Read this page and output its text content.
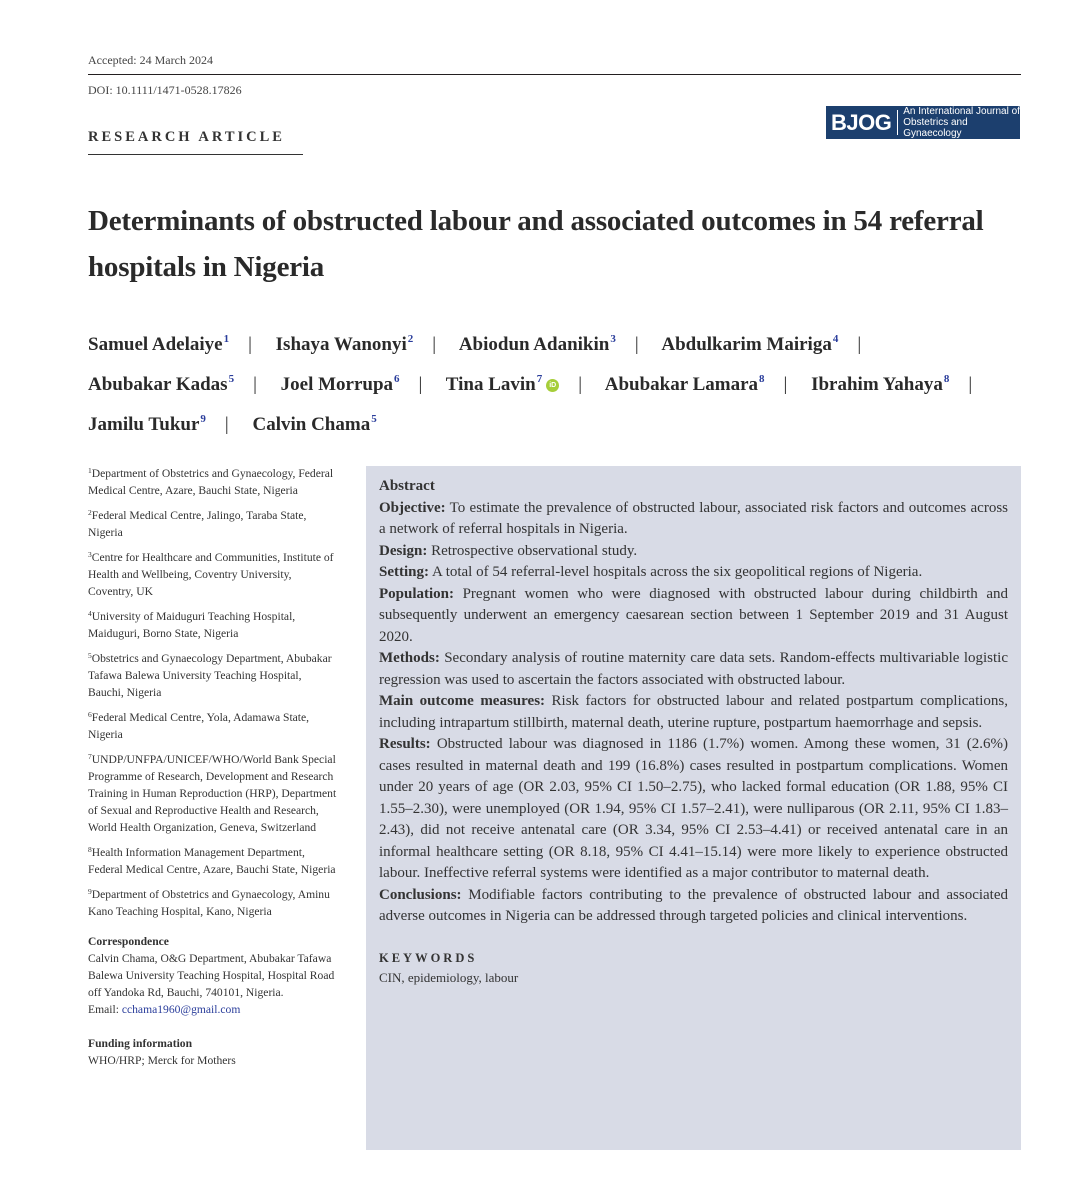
Accepted: 24 March 2024
DOI: 10.1111/1471-0528.17826
RESEARCH ARTICLE
BJOG	An International Journal of
Obstetrics and Gynaecology
Determinants of obstructed labour and associated outcomes in 54 referral hospitals in Nigeria
Samuel Adelaiye$^1$ | Ishaya Wanonyi$^2$ | Abiodun Adanikin$^3$ | Abdulkarim Mairiga$^4$ | Abubakar Kadas$^5$ | Joel Morrupa$^6$ | Tina Lavin$^7$iD | Abubakar Lamara$^8$ | Ibrahim Yahaya$^8$ | Jamilu Tukur$^9$ | Calvin Chama$^5$
$^1$Department of Obstetrics and Gynaecology, Federal Medical Centre, Azare, Bauchi State, Nigeria
$^2$Federal Medical Centre, Jalingo, Taraba State, Nigeria
$^3$Centre for Healthcare and Communities, Institute of Health and Wellbeing, Coventry University, Coventry, UK
$^4$University of Maiduguri Teaching Hospital, Maiduguri, Borno State, Nigeria
$^5$Obstetrics and Gynaecology Department, Abubakar Tafawa Balewa University Teaching Hospital, Bauchi, Nigeria
$^6$Federal Medical Centre, Yola, Adamawa State, Nigeria
$^7$UNDP/UNFPA/UNICEF/WHO/World Bank Special Programme of Research, Development and Research Training in Human Reproduction (HRP), Department of Sexual and Reproductive Health and Research, World Health Organization, Geneva, Switzerland
$^8$Health Information Management Department, Federal Medical Centre, Azare, Bauchi State, Nigeria
$^9$Department of Obstetrics and Gynaecology, Aminu Kano Teaching Hospital, Kano, Nigeria
Correspondence
Calvin Chama, O&G Department, Abubakar Tafawa Balewa University Teaching Hospital, Hospital Road off Yandoka Rd, Bauchi, 740101, Nigeria.
Email: cchama1960@gmail.com
Funding information
WHO/HRP; Merck for Mothers
Abstract
Objective: To estimate the prevalence of obstructed labour, associated risk factors and outcomes across a network of referral hospitals in Nigeria.
Design: Retrospective observational study.
Setting: A total of 54 referral-level hospitals across the six geopolitical regions of Nigeria.
Population: Pregnant women who were diagnosed with obstructed labour during childbirth and subsequently underwent an emergency caesarean section between 1 September 2019 and 31 August 2020.
Methods: Secondary analysis of routine maternity care data sets. Random-effects multivariable logistic regression was used to ascertain the factors associated with obstructed labour.
Main outcome measures: Risk factors for obstructed labour and related postpartum complications, including intrapartum stillbirth, maternal death, uterine rupture, postpartum haemorrhage and sepsis.
Results: Obstructed labour was diagnosed in 1186 (1.7%) women. Among these women, 31 (2.6%) cases resulted in maternal death and 199 (16.8%) cases resulted in postpartum complications. Women under 20 years of age (OR 2.03, 95% CI 1.50–2.75), who lacked formal education (OR 1.88, 95% CI 1.55–2.30), were unemployed (OR 1.94, 95% CI 1.57–2.41), were nulliparous (OR 2.11, 95% CI 1.83–2.43), did not receive antenatal care (OR 3.34, 95% CI 2.53–4.41) or received antenatal care in an informal healthcare setting (OR 8.18, 95% CI 4.41–15.14) were more likely to experience obstructed labour. Ineffective referral systems were identified as a major contributor to maternal death.
Conclusions: Modifiable factors contributing to the prevalence of obstructed labour and associated adverse outcomes in Nigeria can be addressed through targeted policies and clinical interventions.
KEYWORDS
CIN, epidemiology, labour
